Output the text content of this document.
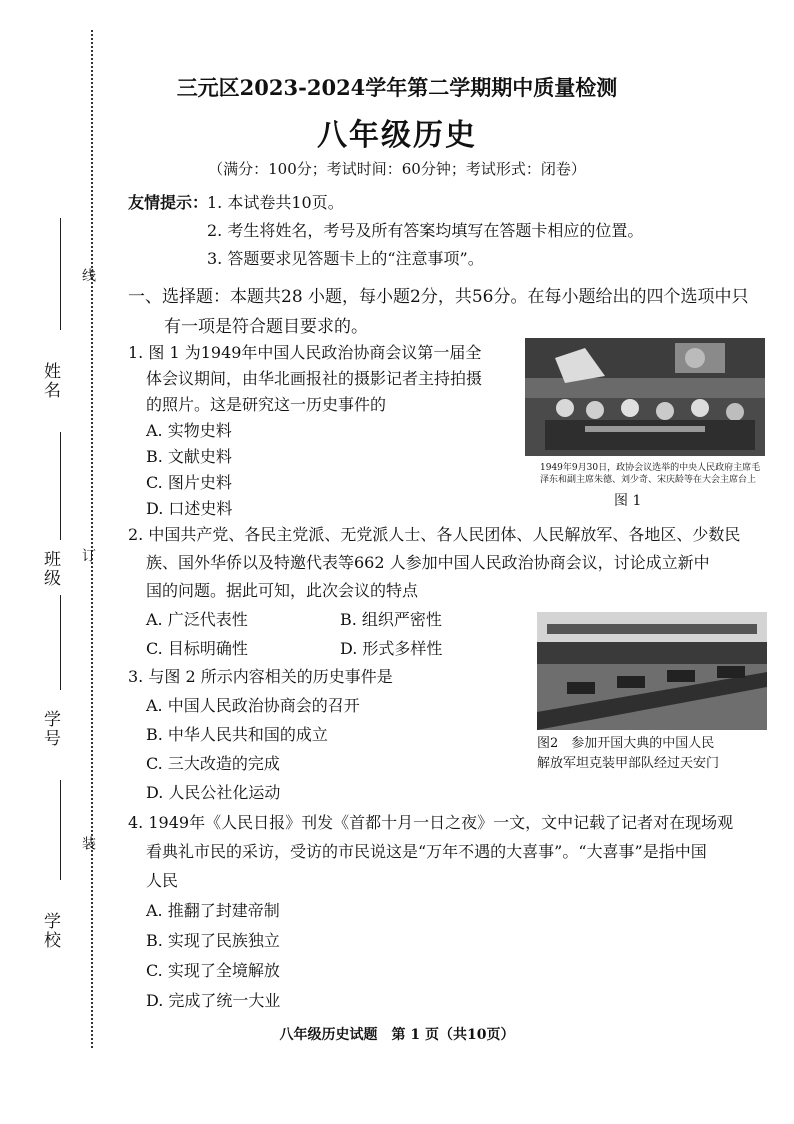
线
订
装
姓名
班级
学号
学校
三元区2023-2024学年第二学期期中质量检测
八年级历史
（满分：100分；考试时间：60分钟；考试形式：闭卷）
友情提示：
1. 本试卷共10页。
2. 考生将姓名，考号及所有答案均填写在答题卡相应的位置。
3. 答题要求见答题卡上的“注意事项”。
一、选择题：本题共28 小题，每小题2分，共56分。在每小题给出的四个选项中只
有一项是符合题目要求的。
1. 图 1 为1949年中国人民政治协商会议第一届全
体会议期间，由华北画报社的摄影记者主持拍摄
的照片。这是研究这一历史事件的
A. 实物史料
B. 文献史料
C. 图片史料
D. 口述史料
1949年9月30日，政协会议选举的中央人民政府主席毛泽东和副主席朱德、刘少奇、宋庆龄等在大会主席台上
图 1
2. 中国共产党、各民主党派、无党派人士、各人民团体、人民解放军、各地区、少数民
族、国外华侨以及特邀代表等662 人参加中国人民政治协商会议，讨论成立新中
国的问题。据此可知，此次会议的特点
A. 广泛代表性	B. 组织严密性
C. 目标明确性	D. 形式多样性
图2　参加开国大典的中国人民
解放军坦克装甲部队经过天安门
3. 与图 2 所示内容相关的历史事件是
A. 中国人民政治协商会的召开
B. 中华人民共和国的成立
C. 三大改造的完成
D. 人民公社化运动
4. 1949年《人民日报》刊发《首都十月一日之夜》一文，文中记载了记者对在现场观
看典礼市民的采访，受访的市民说这是“万年不遇的大喜事”。“大喜事”是指中国
人民
A. 推翻了封建帝制
B. 实现了民族独立
C. 实现了全境解放
D. 完成了统一大业
八年级历史试题　第 1 页（共10页）
